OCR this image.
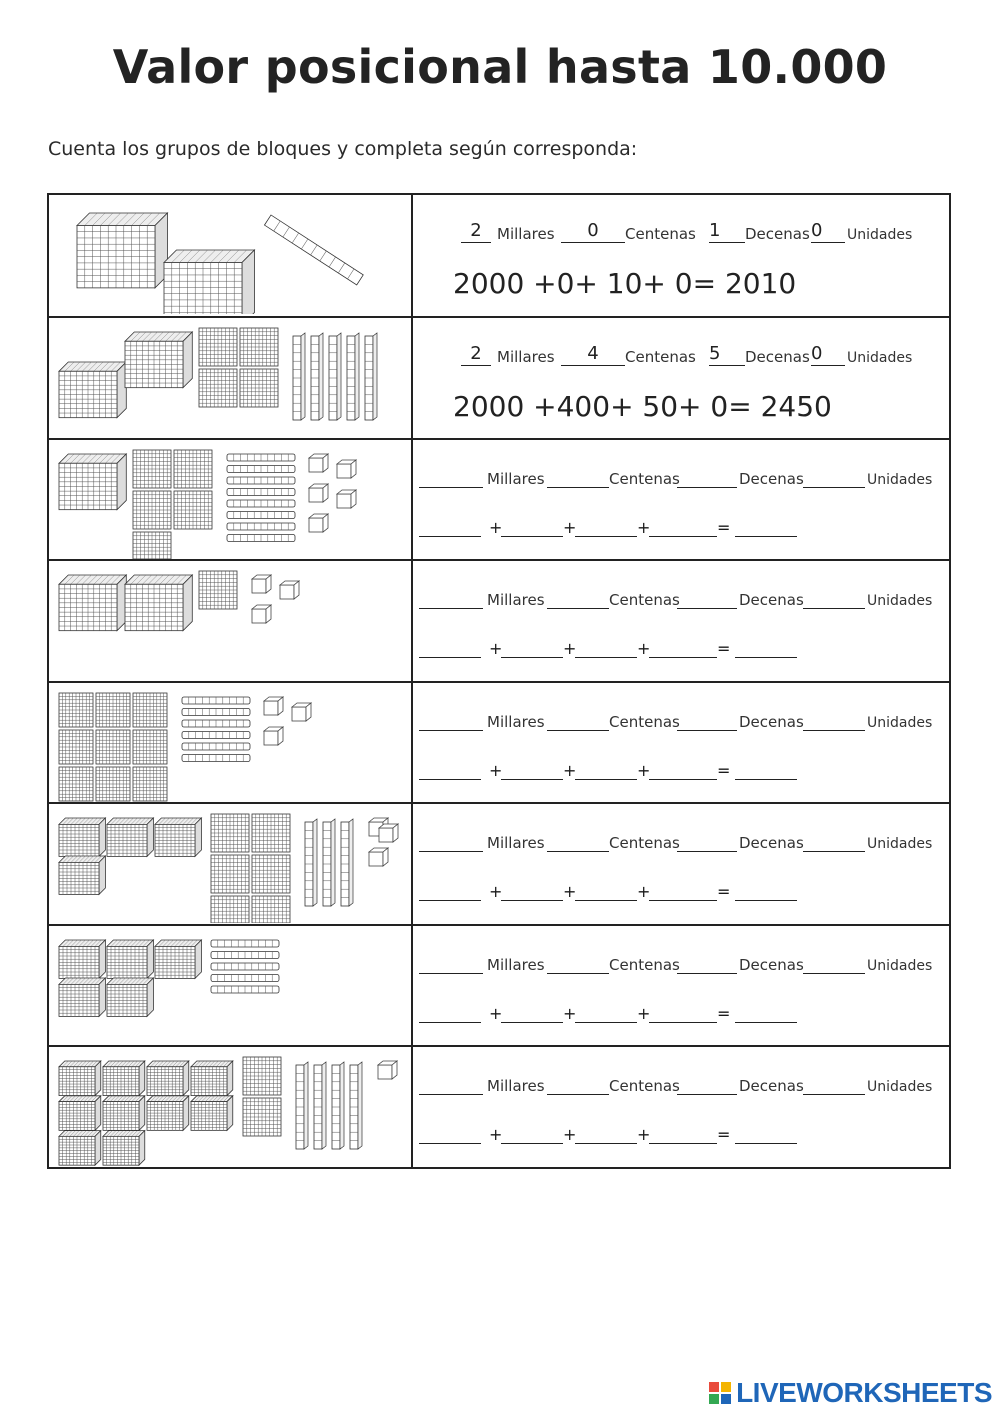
Valor posicional hasta 10.000
Cuenta los grupos de bloques y completa según corresponda:
2	Millares	0	Centenas 1	Decenas 0	Unidades
2000 +0+ 10+ 0= 2010
2	Millares	4	Centenas 5	Decenas 0	Unidades
2000 +400+ 50+ 0= 2450
Millares	Centenas	Decenas	Unidades
+	+	+	=
Millares	Centenas	Decenas	Unidades
+	+	+	=
Millares	Centenas	Decenas	Unidades
+	+	+	=
Millares	Centenas	Decenas	Unidades
+	+	+	=
Millares	Centenas	Decenas	Unidades
+	+	+	=
Millares	Centenas	Decenas	Unidades
+	+	+	=
LIVEWORKSHEETS
